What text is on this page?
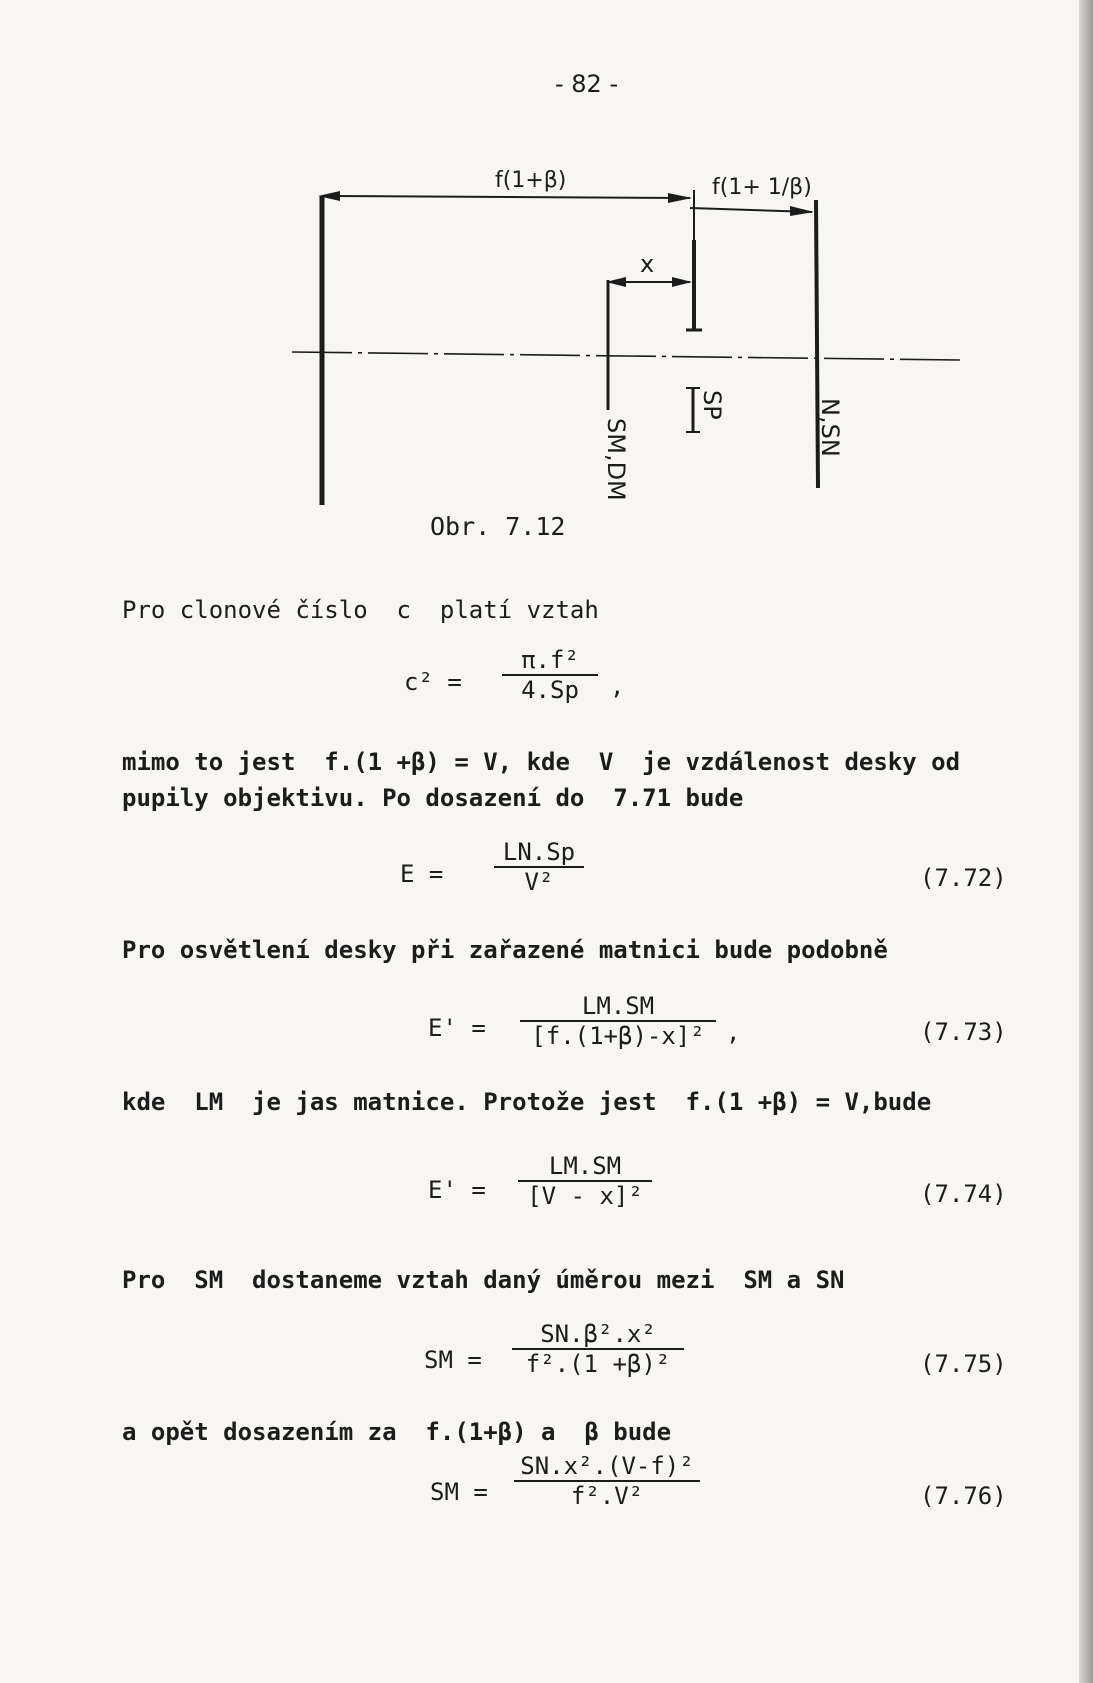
- 82 -
f(1+β)	f(1+ 1/β)
x
SM,DM
SP	N,SN
Obr. 7.12
Pro clonové číslo  c  platí vztah
c² =
π.f²
4.Sp	,
mimo to jest  f.(1 +β) = V, kde  V  je vzdálenost desky od
pupily objektivu. Po dosazení do  7.71 bude
E =
LN.Sp
V²	(7.72)
Pro osvětlení desky při zařazené matnici bude podobně
E' =
LM.SM
[f.(1+β)-x]² ,	(7.73)
kde  LM  je jas matnice. Protože jest  f.(1 +β) = V,bude
E' =
LM.SM
[V - x]²	(7.74)
Pro  SM  dostaneme vztah daný úměrou mezi  SM a SN
SM =
SN.β².x²
f².(1 +β)²	(7.75)
a opět dosazením za  f.(1+β) a  β bude
SM =
SN.x².(V-f)²
f².V²	(7.76)
